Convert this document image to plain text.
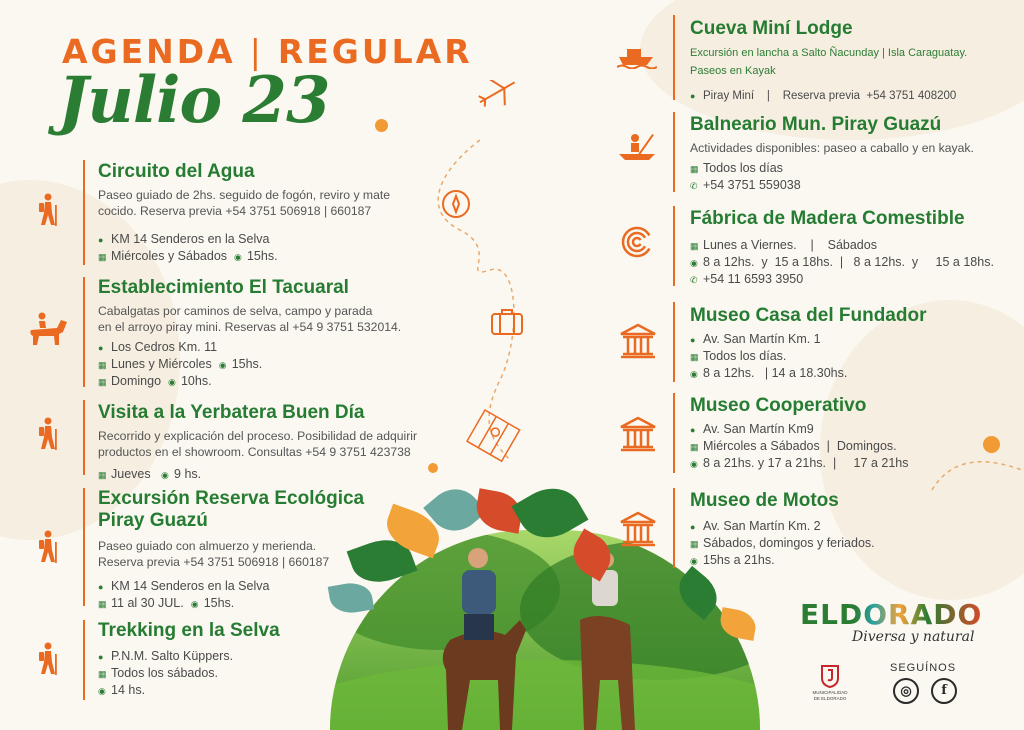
AGENDA | REGULAR
Julio 23
Circuito del Agua
Paseo guiado de 2hs. seguido de fogón, reviro y mate
cocido. Reserva previa +54 3751 506918 | 660187
● KM 14 Senderos en la Selva
▦ Miércoles y Sábados ◉ 15hs.
Establecimiento El Tacuaral
Cabalgatas por caminos de selva, campo y parada
en el arroyo piray mini. Reservas al +54 9 3751 532014.
● Los Cedros Km. 11
▦ Lunes y Miércoles ◉ 15hs.
▦ Domingo ◉ 10hs.
Visita a la Yerbatera Buen Día
Recorrido y explicación del proceso. Posibilidad de adquirir
productos en el showroom. Consultas +54 9 3751 423738
▦ Jueves ◉ 9 hs.
Excursión Reserva Ecológica
Piray Guazú
Paseo guiado con almuerzo y merienda.
Reserva previa +54 3751 506918 | 660187
● KM 14 Senderos en la Selva
▦ 11 al 30 JUL. ◉ 15hs.
Trekking en la Selva
● P.N.M. Salto Küppers.
▦ Todos los sábados.
◉ 14 hs.
Cueva Miní Lodge
Excursión en lancha a Salto Ñacunday | Isla Caraguatay.
Paseos en Kayak
● Piray Miní | Reserva previa +54 3751 408200
Balneario Mun. Piray Guazú
Actividades disponibles: paseo a caballo y en kayak.
▦ Todos los días
✆ +54 3751 559038
Fábrica de Madera Comestible
▦ Lunes a Viernes.    |    Sábados
◉ 8 a 12hs.  y  15 a 18hs.  |   8 a 12hs.  y     15 a 18hs.
✆ +54 11 6593 3950
Museo Casa del Fundador
● Av. San Martín Km. 1
▦ Todos los días.
◉ 8 a 12hs.   | 14 a 18.30hs.
Museo Cooperativo
● Av. San Martín Km9
▦ Miércoles a Sábados  |  Domingos.
◉ 8 a 21hs. y 17 a 21hs.  |     17 a 21hs
Museo de Motos
● Av. San Martín Km. 2
▦ Sábados, domingos y feriados.
◉ 15hs a 21hs.
ELDORADO
Diversa y natural
MUNICIPALIDAD
DE ELDORADO
SEGUÍNOS
◎	f
